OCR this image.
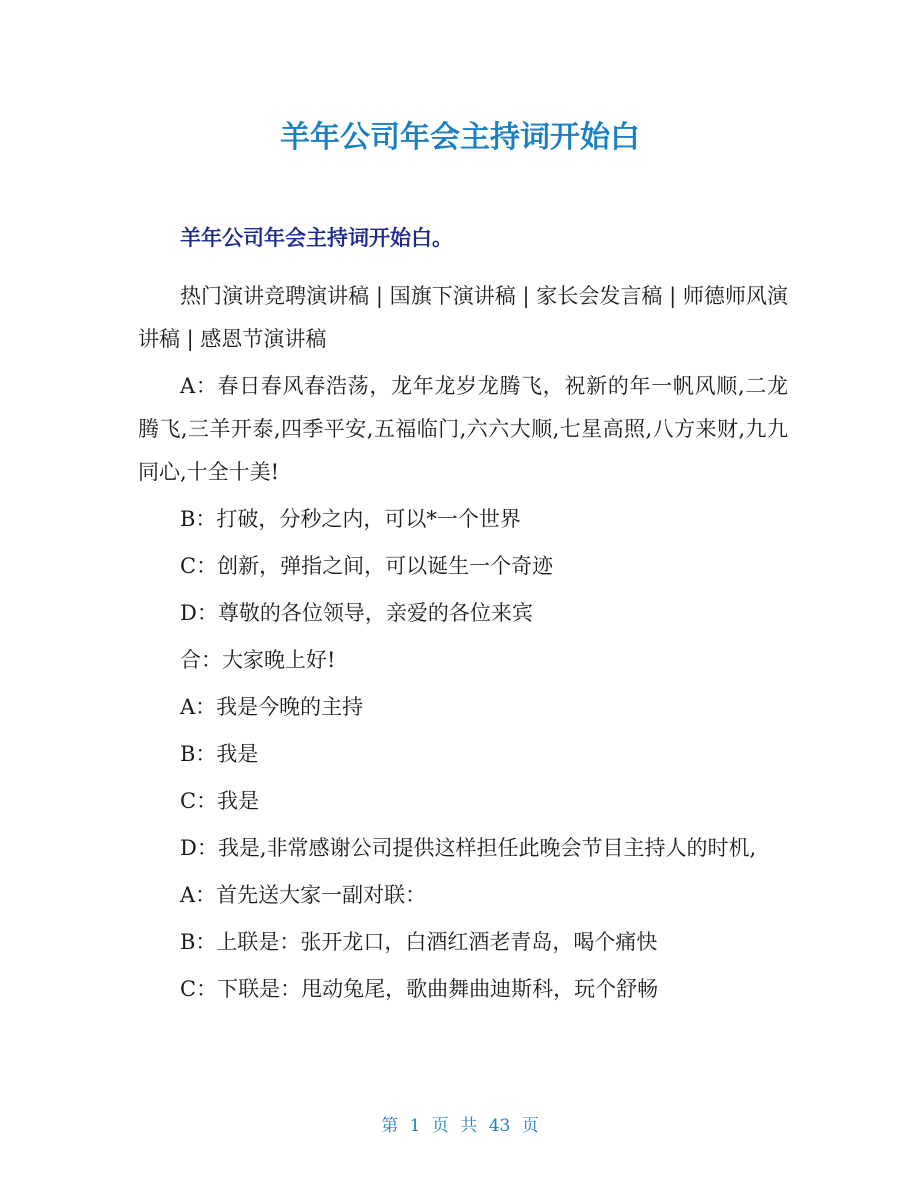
羊年公司年会主持词开始白
羊年公司年会主持词开始白。

热门演讲竞聘演讲稿 | 国旗下演讲稿 | 家长会发言稿 | 师德师风演讲稿 | 感恩节演讲稿

A：春日春风春浩荡，龙年龙岁龙腾飞，祝新的年一帆风顺,二龙腾飞,三羊开泰,四季平安,五福临门,六六大顺,七星高照,八方来财,九九同心,十全十美!

B：打破，分秒之内，可以*一个世界

C：创新，弹指之间，可以诞生一个奇迹

D：尊敬的各位领导，亲爱的各位来宾

合：大家晚上好!

A：我是今晚的主持

B：我是

C：我是

D：我是,非常感谢公司提供这样担任此晚会节目主持人的时机,

A：首先送大家一副对联：

B：上联是：张开龙口，白酒红酒老青岛，喝个痛快

C：下联是：甩动兔尾，歌曲舞曲迪斯科，玩个舒畅

第 1 页 共 43 页
